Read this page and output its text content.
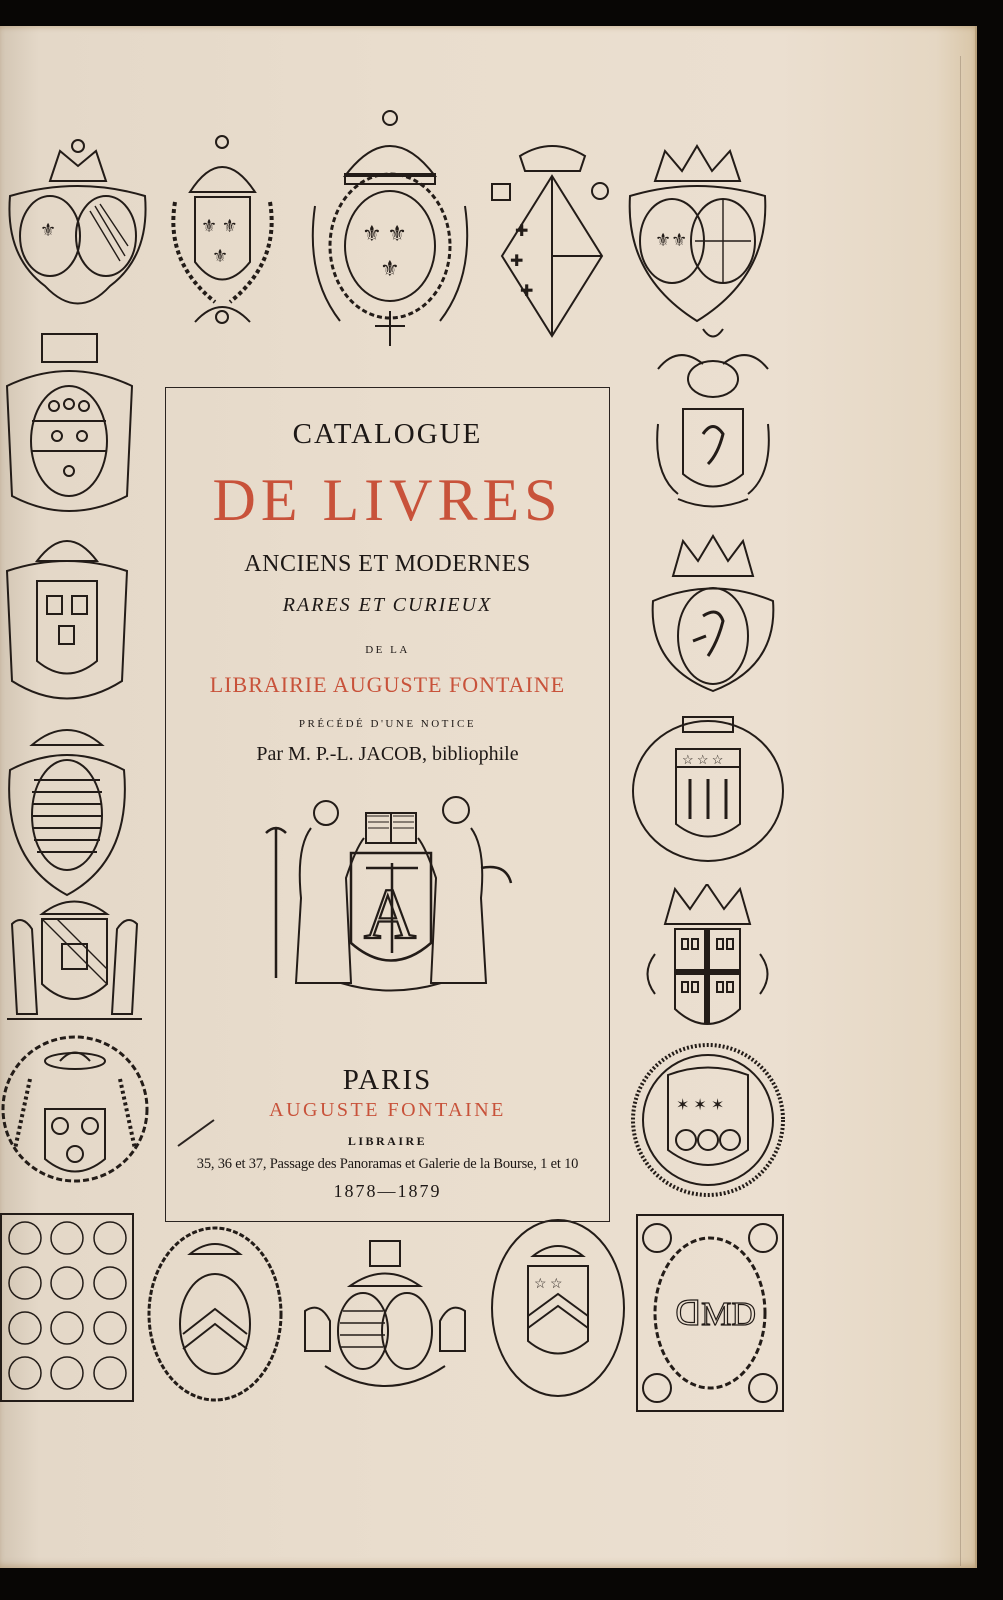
⚜	⚜ ⚜
⚜
⚜ ⚜
⚜
✚
✚
✚
⚜⚜
☆ ☆ ☆
✶ ✶ ✶
☆ ☆
ᗡMD
CATALOGUE
DE LIVRES
ANCIENS ET MODERNES
RARES ET CURIEUX
DE LA
LIBRAIRIE AUGUSTE FONTAINE
PRÉCÉDÉ D'UNE NOTICE
Par M. P.-L. JACOB, bibliophile
A
PARIS
AUGUSTE FONTAINE
LIBRAIRE
35, 36 et 37, Passage des Panoramas et Galerie de la Bourse, 1 et 10
1878—1879
